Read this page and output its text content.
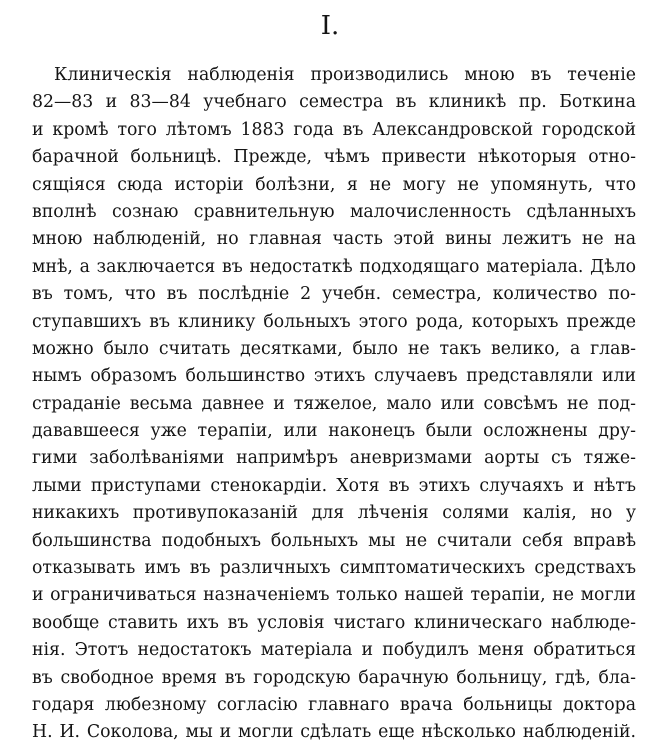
I.
Клиническія наблюденія производились мною въ теченіе
82—83 и 83—84 учебнаго семестра въ клиникѣ пр. Боткина
и кромѣ того лѣтомъ 1883 года въ Александровской городской
барачной больницѣ. Прежде, чѣмъ привести нѣкоторыя отно-
сящіяся сюда исторіи болѣзни, я не могу не упомянуть, что
вполнѣ сознаю сравнительную малочисленность сдѣланныхъ
мною наблюденій, но главная часть этой вины лежитъ не на
мнѣ, а заключается въ недостаткѣ подходящаго матеріала. Дѣло
въ томъ, что въ послѣдніе 2 учебн. семестра, количество по-
ступавшихъ въ клинику больныхъ этого рода, которыхъ прежде
можно было считать десятками, было не такъ велико, а глав-
нымъ образомъ большинство этихъ случаевъ представляли или
страданіе весьма давнее и тяжелое, мало или совсѣмъ не под-
дававшееся уже терапіи, или наконецъ были осложнены дру-
гими заболѣваніями напримѣръ аневризмами аорты съ тяже-
лыми приступами стенокардіи. Хотя въ этихъ случаяхъ и нѣтъ
никакихъ противупоказаній для лѣченія солями калія, но у
большинства подобныхъ больныхъ мы не считали себя вправѣ
отказывать имъ въ различныхъ симптоматическихъ средствахъ
и ограничиваться назначеніемъ только нашей терапіи, не могли
вообще ставить ихъ въ условія чистаго клиническаго наблюде-
нія. Этотъ недостатокъ матеріала и побудилъ меня обратиться
въ свободное время въ городскую барачную больницу, гдѣ, бла-
годаря любезному согласію главнаго врача больницы доктора
Н. И. Соколова, мы и могли сдѣлать еще нѣсколько наблюденій.
